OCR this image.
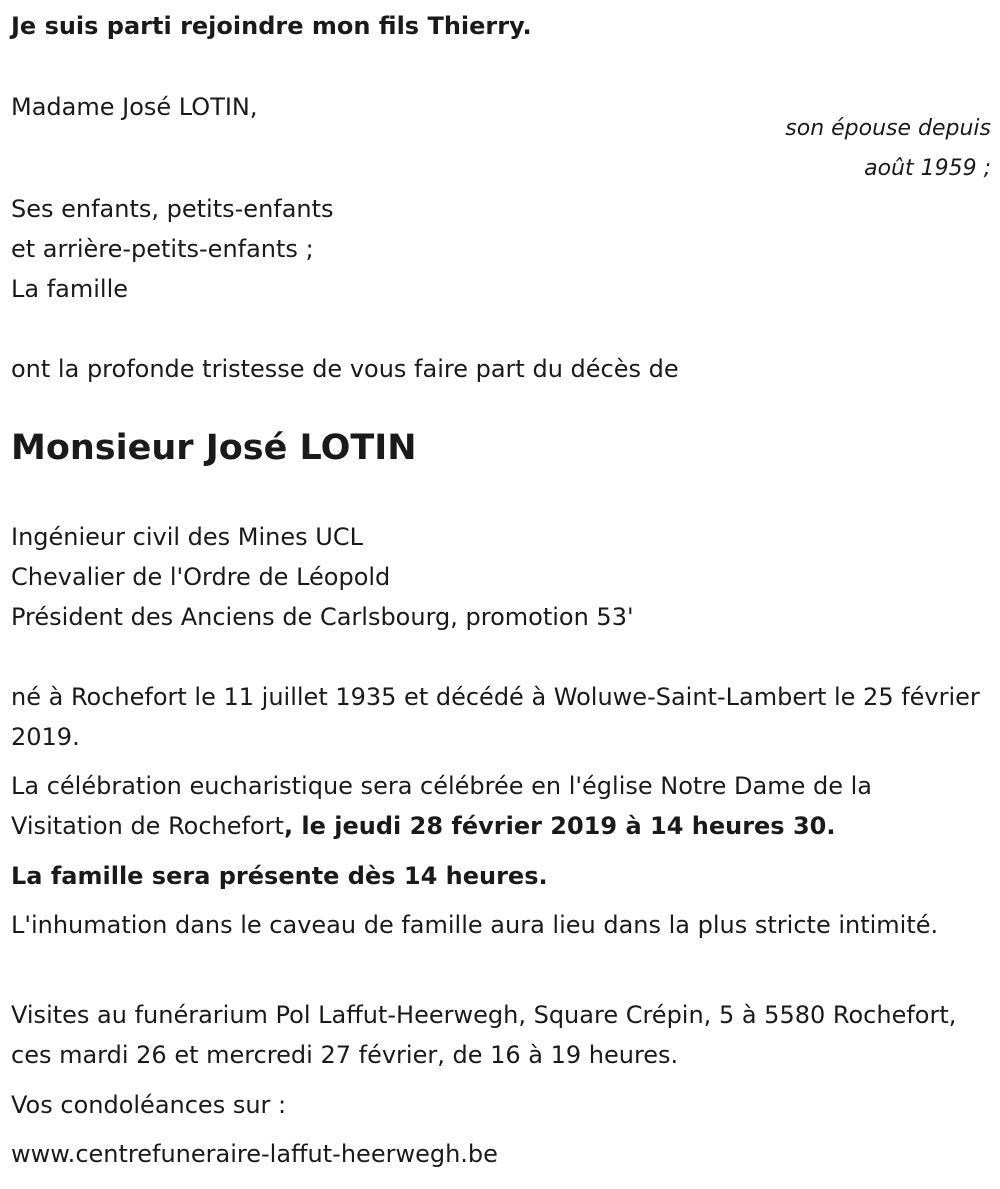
Je suis parti rejoindre mon fils Thierry.

Madame José LOTIN,

son épouse depuis

août 1959 ;

Ses enfants, petits-enfants

et arrière-petits-enfants ;

La famille

ont la profonde tristesse de vous faire part du décès de

Monsieur José LOTIN

Ingénieur civil des Mines UCL

Chevalier de l'Ordre de Léopold

Président des Anciens de Carlsbourg, promotion 53'

né à Rochefort le 11 juillet 1935 et décédé à Woluwe-Saint-Lambert le 25 février 2019.

La célébration eucharistique sera célébrée en l'église Notre Dame de la Visitation de Rochefort, le jeudi 28 février 2019 à 14 heures 30.

La famille sera présente dès 14 heures.

L'inhumation dans le caveau de famille aura lieu dans la plus stricte intimité.

Visites au funérarium Pol Laffut-Heerwegh, Square Crépin, 5 à 5580 Rochefort, ces mardi 26 et mercredi 27 février, de 16 à 19 heures.

Vos condoléances sur :

www.centrefuneraire-laffut-heerwegh.be
